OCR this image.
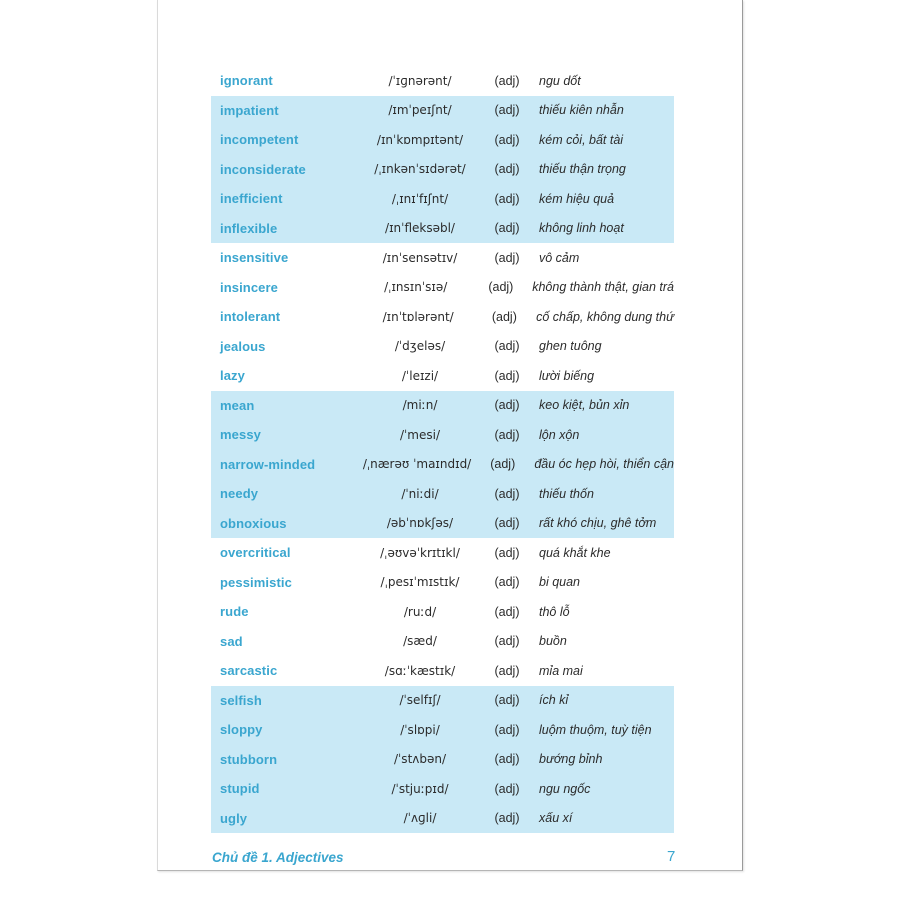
ignorant	/ˈɪɡnərənt/	(adj)	ngu dốt
impatient	/ɪmˈpeɪʃnt/	(adj)	thiếu kiên nhẫn
incompetent	/ɪnˈkɒmpɪtənt/	(adj)	kém cỏi, bất tài
inconsiderate	/ˌɪnkənˈsɪdərət/	(adj)	thiếu thận trọng
inefficient	/ˌɪnɪˈfɪʃnt/	(adj)	kém hiệu quả
inflexible	/ɪnˈfleksəbl/	(adj)	không linh hoạt
insensitive	/ɪnˈsensətɪv/	(adj)	vô cảm
insincere	/ˌɪnsɪnˈsɪə/	(adj)	không thành thật, gian trá
intolerant	/ɪnˈtɒlərənt/	(adj)	cố chấp, không dung thứ
jealous	/ˈdʒeləs/	(adj)	ghen tuông
lazy	/ˈleɪzi/	(adj)	lười biếng
mean	/miːn/	(adj)	keo kiệt, bủn xỉn
messy	/ˈmesi/	(adj)	lộn xộn
narrow-minded	/ˌnærəʊ ˈmaɪndɪd/	(adj)	đầu óc hẹp hòi, thiển cận
needy	/ˈniːdi/	(adj)	thiếu thốn
obnoxious	/əbˈnɒkʃəs/	(adj)	rất khó chịu, ghê tởm
overcritical	/ˌəʊvəˈkrɪtɪkl/	(adj)	quá khắt khe
pessimistic	/ˌpesɪˈmɪstɪk/	(adj)	bi quan
rude	/ruːd/	(adj)	thô lỗ
sad	/sæd/	(adj)	buồn
sarcastic	/sɑːˈkæstɪk/	(adj)	mỉa mai
selfish	/ˈselfɪʃ/	(adj)	ích kỉ
sloppy	/ˈslɒpi/	(adj)	luộm thuộm, tuỳ tiện
stubborn	/ˈstʌbən/	(adj)	bướng bỉnh
stupid	/ˈstjuːpɪd/	(adj)	ngu ngốc
ugly	/ˈʌɡli/	(adj)	xấu xí
Chủ đề 1. Adjectives	7
